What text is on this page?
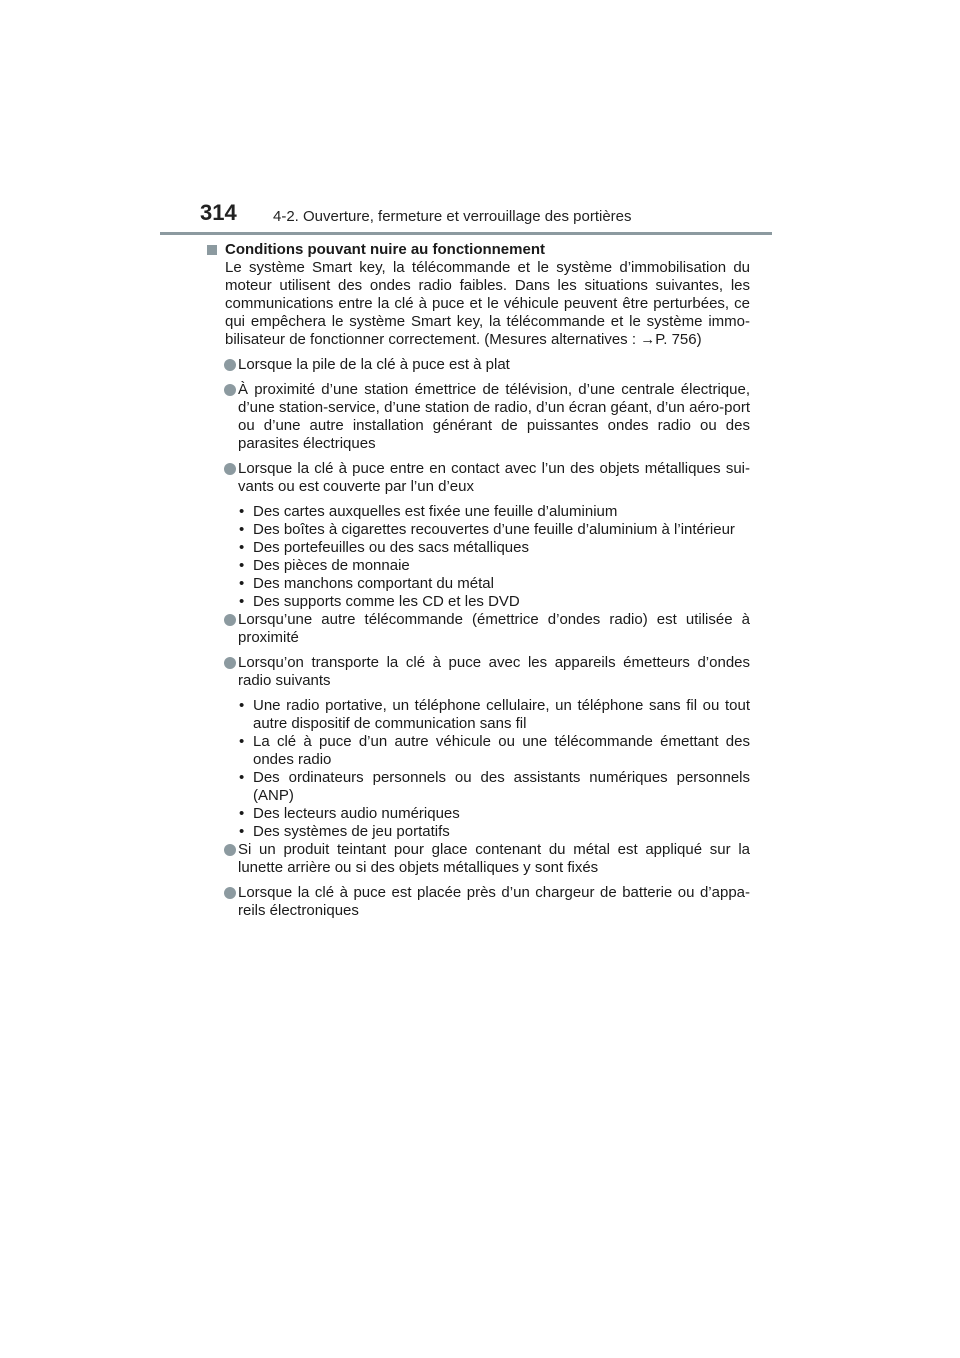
314 4-2. Ouverture, fermeture et verrouillage des portières
Conditions pouvant nuire au fonctionnement

Le système Smart key, la télécommande et le système d’immobilisation du moteur utilisent des ondes radio faibles. Dans les situations suivantes, les communications entre la clé à puce et le véhicule peuvent être perturbées, ce qui empêchera le système Smart key, la télécommande et le système immo-bilisateur de fonctionner correctement. (Mesures alternatives : →P. 756)

Lorsque la pile de la clé à puce est à plat
À proximité d’une station émettrice de télévision, d’une centrale électrique, d’une station-service, d’une station de radio, d’un écran géant, d’un aéro-port ou d’une autre installation générant de puissantes ondes radio ou des parasites électriques
Lorsque la clé à puce entre en contact avec l’un des objets métalliques sui-vants ou est couverte par l’un d’eux
• Des cartes auxquelles est fixée une feuille d’aluminium
• Des boîtes à cigarettes recouvertes d’une feuille d’aluminium à l’intérieur
• Des portefeuilles ou des sacs métalliques
• Des pièces de monnaie
• Des manchons comportant du métal
• Des supports comme les CD et les DVD
Lorsqu’une autre télécommande (émettrice d’ondes radio) est utilisée à proximité
Lorsqu’on transporte la clé à puce avec les appareils émetteurs d’ondes radio suivants
• Une radio portative, un téléphone cellulaire, un téléphone sans fil ou tout autre dispositif de communication sans fil
• La clé à puce d’un autre véhicule ou une télécommande émettant des ondes radio
• Des ordinateurs personnels ou des assistants numériques personnels (ANP)
• Des lecteurs audio numériques
• Des systèmes de jeu portatifs
Si un produit teintant pour glace contenant du métal est appliqué sur la lunette arrière ou si des objets métalliques y sont fixés
Lorsque la clé à puce est placée près d’un chargeur de batterie ou d’appa-reils électroniques
